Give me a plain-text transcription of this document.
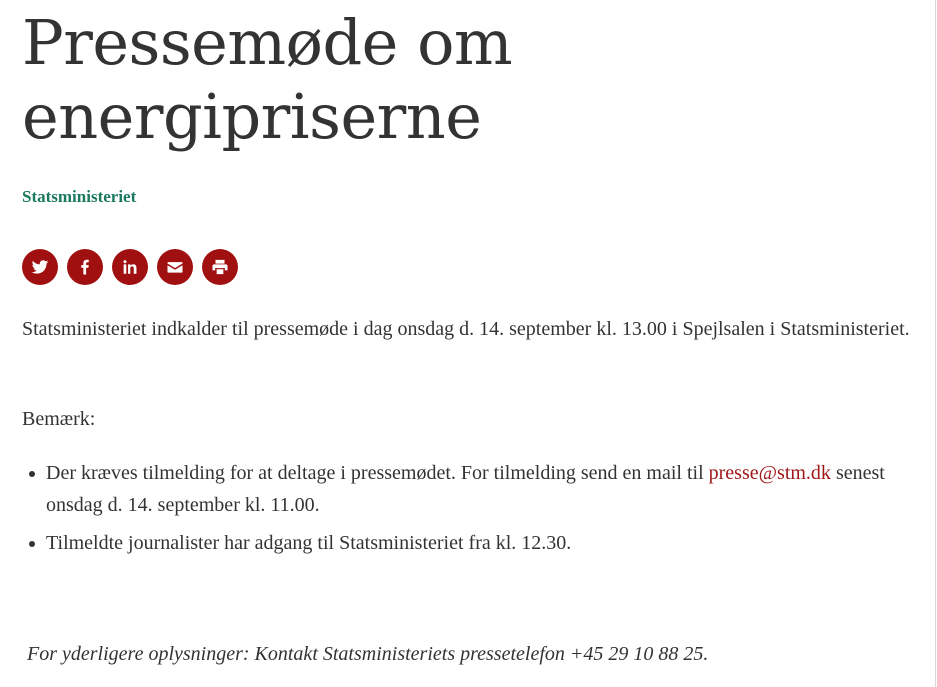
Pressemøde om
energipriserne
Statsministeriet

Statsministeriet indkalder til pressemøde i dag onsdag d. 14. september kl. 13.00 i Spejlsalen i Statsministeriet.

Bemærk:
Der kræves tilmelding for at deltage i pressemødet. For tilmelding send en mail til presse@stm.dk senest onsdag d. 14. september kl. 11.00.
Tilmeldte journalister har adgang til Statsministeriet fra kl. 12.30.
For yderligere oplysninger: Kontakt Statsministeriets pressetelefon +45 29 10 88 25.
